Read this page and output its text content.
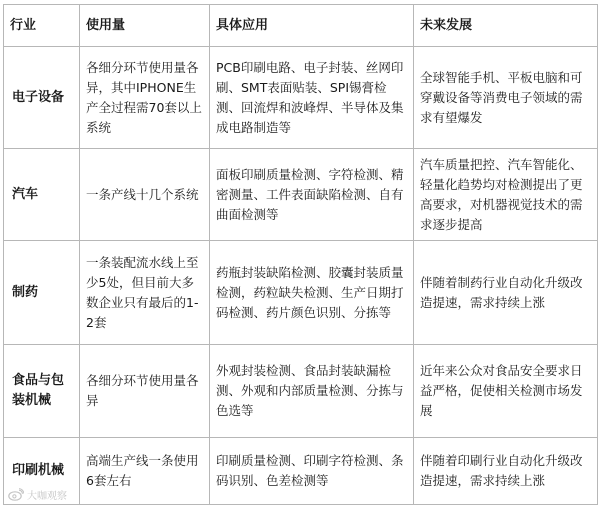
行业	使用量	具体应用	未来发展
电子设备	各细分环节使用量各异，其中IPHONE生产全过程需70套以上系统	PCB印刷电路、电子封装、丝网印刷、SMT表面贴装、SPI锡膏检测、回流焊和波峰焊、半导体及集成电路制造等	全球智能手机、平板电脑和可穿戴设备等消费电子领域的需求有望爆发
汽车	一条产线十几个系统	面板印刷质量检测、字符检测、精密测量、工件表面缺陷检测、自有曲面检测等	汽车质量把控、汽车智能化、轻量化趋势均对检测提出了更高要求，对机器视觉技术的需求逐步提高
制药	一条装配流水线上至少5处，但目前大多数企业只有最后的1-2套	药瓶封装缺陷检测、胶囊封装质量检测，药粒缺失检测、生产日期打码检测、药片颜色识别、分拣等	伴随着制药行业自动化升级改造提速，需求持续上涨
食品与包装机械	各细分环节使用量各异	外观封装检测、食品封装缺漏检测、外观和内部质量检测、分拣与色选等	近年来公众对食品安全要求日益严格，促使相关检测市场发展
印刷机械	高端生产线一条使用6套左右	印刷质量检测、印刷字符检测、条码识别、色差检测等	伴随着印刷行业自动化升级改造提速，需求持续上涨
大咖观察
